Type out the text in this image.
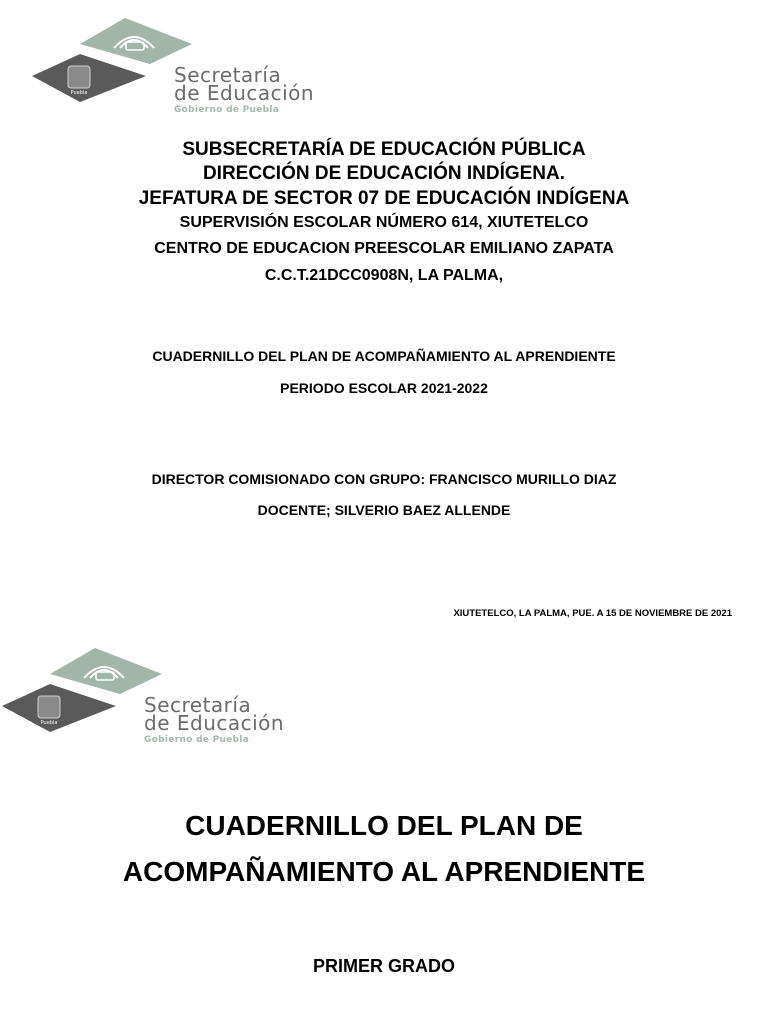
Puebla
Secretaría
de Educación
Gobierno de Puebla
SUBSECRETARÍA DE EDUCACIÓN PÚBLICA
DIRECCIÓN DE EDUCACIÓN INDÍGENA.
JEFATURA DE SECTOR 07 DE EDUCACIÓN INDÍGENA
SUPERVISIÓN ESCOLAR NÚMERO 614, XIUTETELCO
CENTRO DE EDUCACION PREESCOLAR EMILIANO ZAPATA
C.C.T.21DCC0908N, LA PALMA,
CUADERNILLO DEL PLAN DE ACOMPAÑAMIENTO AL APRENDIENTE
PERIODO ESCOLAR 2021-2022
DIRECTOR COMISIONADO CON GRUPO: FRANCISCO MURILLO DIAZ
DOCENTE; SILVERIO BAEZ ALLENDE
XIUTETELCO, LA PALMA, PUE. A 15 DE NOVIEMBRE DE 2021
Puebla
Secretaría
de Educación
Gobierno de Puebla
CUADERNILLO DEL PLAN DE
ACOMPAÑAMIENTO AL APRENDIENTE
PRIMER GRADO
